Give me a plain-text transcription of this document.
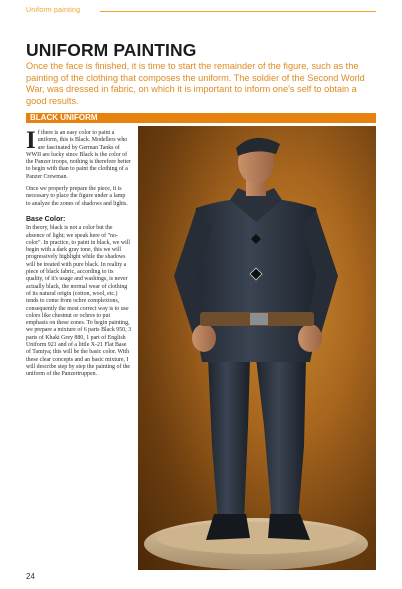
Uniform painting
UNIFORM PAINTING
Once the face is finished, it is time to start the remainder of the figure, such as the painting of the clothing that composes the uniform. The soldier of the Second World War, was dressed in fabric, on which it is important to inform one's self to obtain a good results.
BLACK UNIFORM

If there is an easy color to paint a uniform, this is Black. Modellers who are fascinated by German Tanks of WWII are lucky since Black is the color of the Panzer troops, nothing is therefore better to begin with than to paint the clothing of a Panzer Crewman.

Once we properly prepare the piece, it is necessary to place the figure under a lamp to analyze the zones of shadows and lights.

Base Color:

In theory, black is not a color but the absence of light; we speak here of "no-color". In practice, to paint in black, we will begin with a dark gray tone, this we will progressively highlight while the shadows will be treated with pure black. In reality a piece of black fabric, according to its quality, of it's usage and washings, is never actually black, the normal wear of clothing of its natural origin (cotton, wool, etc.) tends to come from ochre complexions, consequently the most correct way is to use colors like chestnut or ochres to put emphasis on these zones. To begin painting, we prepare a mixture of 6 parts Black 950, 3 parts of Khaki Grey 880, 1 part of English Uniform 921 and of a little X-21 Flat Base of Tamiya; this will be the basic color. With these clear concepts and an basic mixture, I will describe step by step the painting of the uniform of the Panzertruppen.

24
